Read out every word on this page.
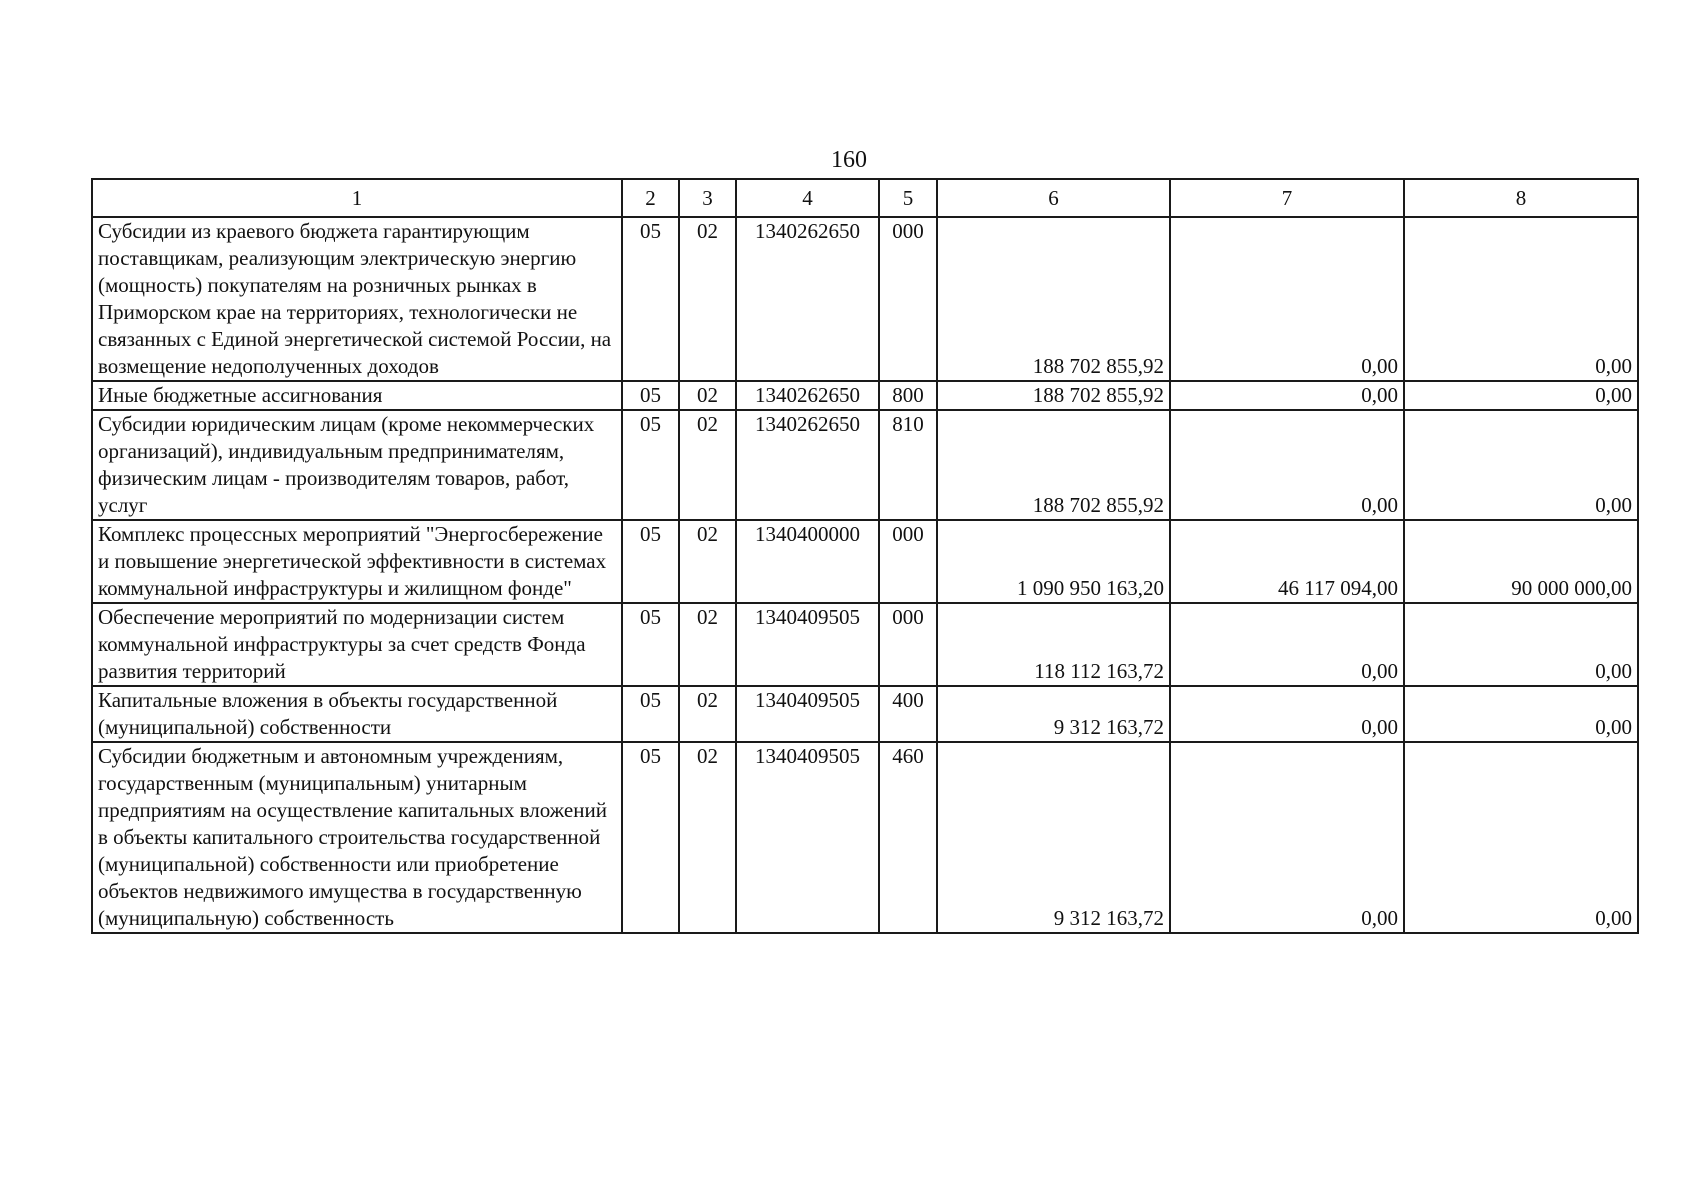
160
1	2	3	4	5	6	7	8
Субсидии из краевого бюджета гарантирующим поставщикам, реализующим электрическую энергию (мощность) покупателям на розничных рынках в Приморском крае на территориях, технологически не связанных с Единой энергетической системой России, на возмещение недополученных доходов	05	02	1340262650	000	188 702 855,92	0,00	0,00
Иные бюджетные ассигнования	05	02	1340262650	800	188 702 855,92	0,00	0,00
Субсидии юридическим лицам (кроме некоммерческих организаций), индивидуальным предпринимателям, физическим лицам - производителям товаров, работ, услуг	05	02	1340262650	810	188 702 855,92	0,00	0,00
Комплекс процессных мероприятий "Энергосбережение и повышение энергетической эффективности в системах коммунальной инфраструктуры и жилищном фонде"	05	02	1340400000	000	1 090 950 163,20	46 117 094,00	90 000 000,00
Обеспечение мероприятий по модернизации систем коммунальной инфраструктуры за счет средств Фонда развития территорий	05	02	1340409505	000	118 112 163,72	0,00	0,00
Капитальные вложения в объекты государственной (муниципальной) собственности	05	02	1340409505	400	9 312 163,72	0,00	0,00
Субсидии бюджетным и автономным учреждениям, государственным (муниципальным) унитарным предприятиям на осуществление капитальных вложений в объекты капитального строительства государственной (муниципальной) собственности или приобретение объектов недвижимого имущества в государственную (муниципальную) собственность	05	02	1340409505	460	9 312 163,72	0,00	0,00
